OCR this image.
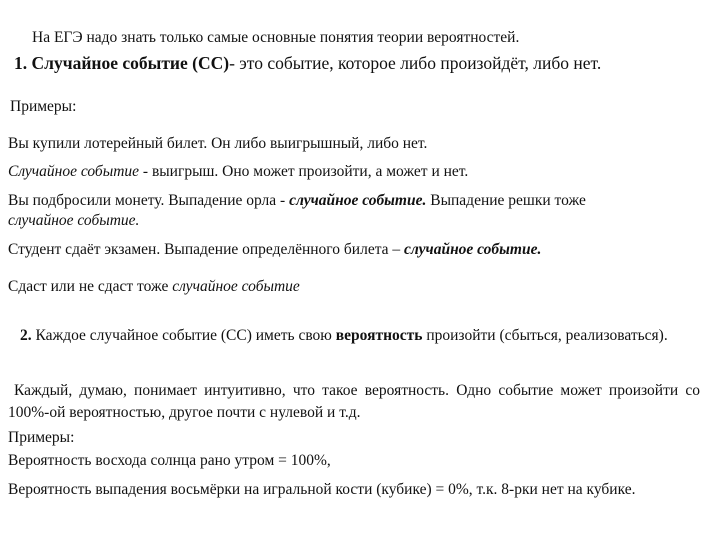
На ЕГЭ надо знать только самые основные понятия теории вероятностей.
1. Случайное событие (СС)- это событие, которое либо произойдёт, либо нет.
Примеры:
Вы купили лотерейный билет. Он либо выигрышный, либо нет.
Случайное событие - выигрыш. Оно может произойти, а может и нет.
Вы подбросили монету. Выпадение орла - случайное событие. Выпадение решки тоже
случайное событие.
Студент сдаёт экзамен. Выпадение определённого билета – случайное событие.
Сдаст или не сдаст тоже случайное событие
2. Каждое случайное событие (СС) иметь свою вероятность произойти (сбыться, реализоваться).
Каждый, думаю, понимает интуитивно, что такое вероятность. Одно событие может произойти со 100%-ой вероятностью, другое почти с нулевой и т.д.
Примеры:
Вероятность восхода солнца рано утром = 100%,
Вероятность выпадения восьмёрки на игральной кости (кубике) = 0%, т.к. 8-рки нет на кубике.
